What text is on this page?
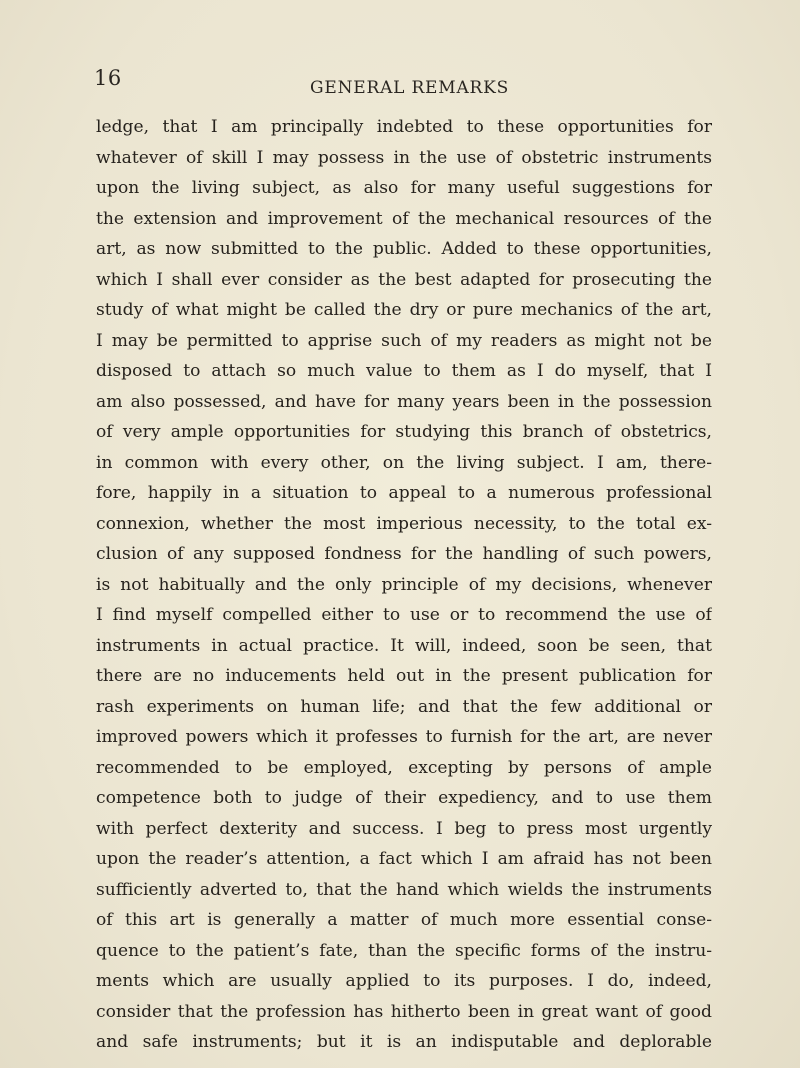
16	GENERAL REMARKS
ledge, that I am principally indebted to these opportunities for
whatever of skill I may possess in the use of obstetric instruments
upon the living subject, as also for many useful suggestions for
the extension and improvement of the mechanical resources of the
art, as now submitted to the public. Added to these opportunities,
which I shall ever consider as the best adapted for prosecuting the
study of what might be called the dry or pure mechanics of the art,
I may be permitted to apprise such of my readers as might not be
disposed to attach so much value to them as I do myself, that I
am also possessed, and have for many years been in the possession
of very ample opportunities for studying this branch of obstetrics,
in common with every other, on the living subject. I am, there-
fore, happily in a situation to appeal to a numerous professional
connexion, whether the most imperious necessity, to the total ex-
clusion of any supposed fondness for the handling of such powers,
is not habitually and the only principle of my decisions, whenever
I find myself compelled either to use or to recommend the use of
instruments in actual practice. It will, indeed, soon be seen, that
there are no inducements held out in the present publication for
rash experiments on human life; and that the few additional or
improved powers which it professes to furnish for the art, are never
recommended to be employed, excepting by persons of ample
competence both to judge of their expediency, and to use them
with perfect dexterity and success. I beg to press most urgently
upon the reader’s attention, a fact which I am afraid has not been
sufficiently adverted to, that the hand which wields the instruments
of this art is generally a matter of much more essential conse-
quence to the patient’s fate, than the specific forms of the instru-
ments which are usually applied to its purposes. I do, indeed,
consider that the profession has hitherto been in great want of good
and safe instruments; but it is an indisputable and deplorable
